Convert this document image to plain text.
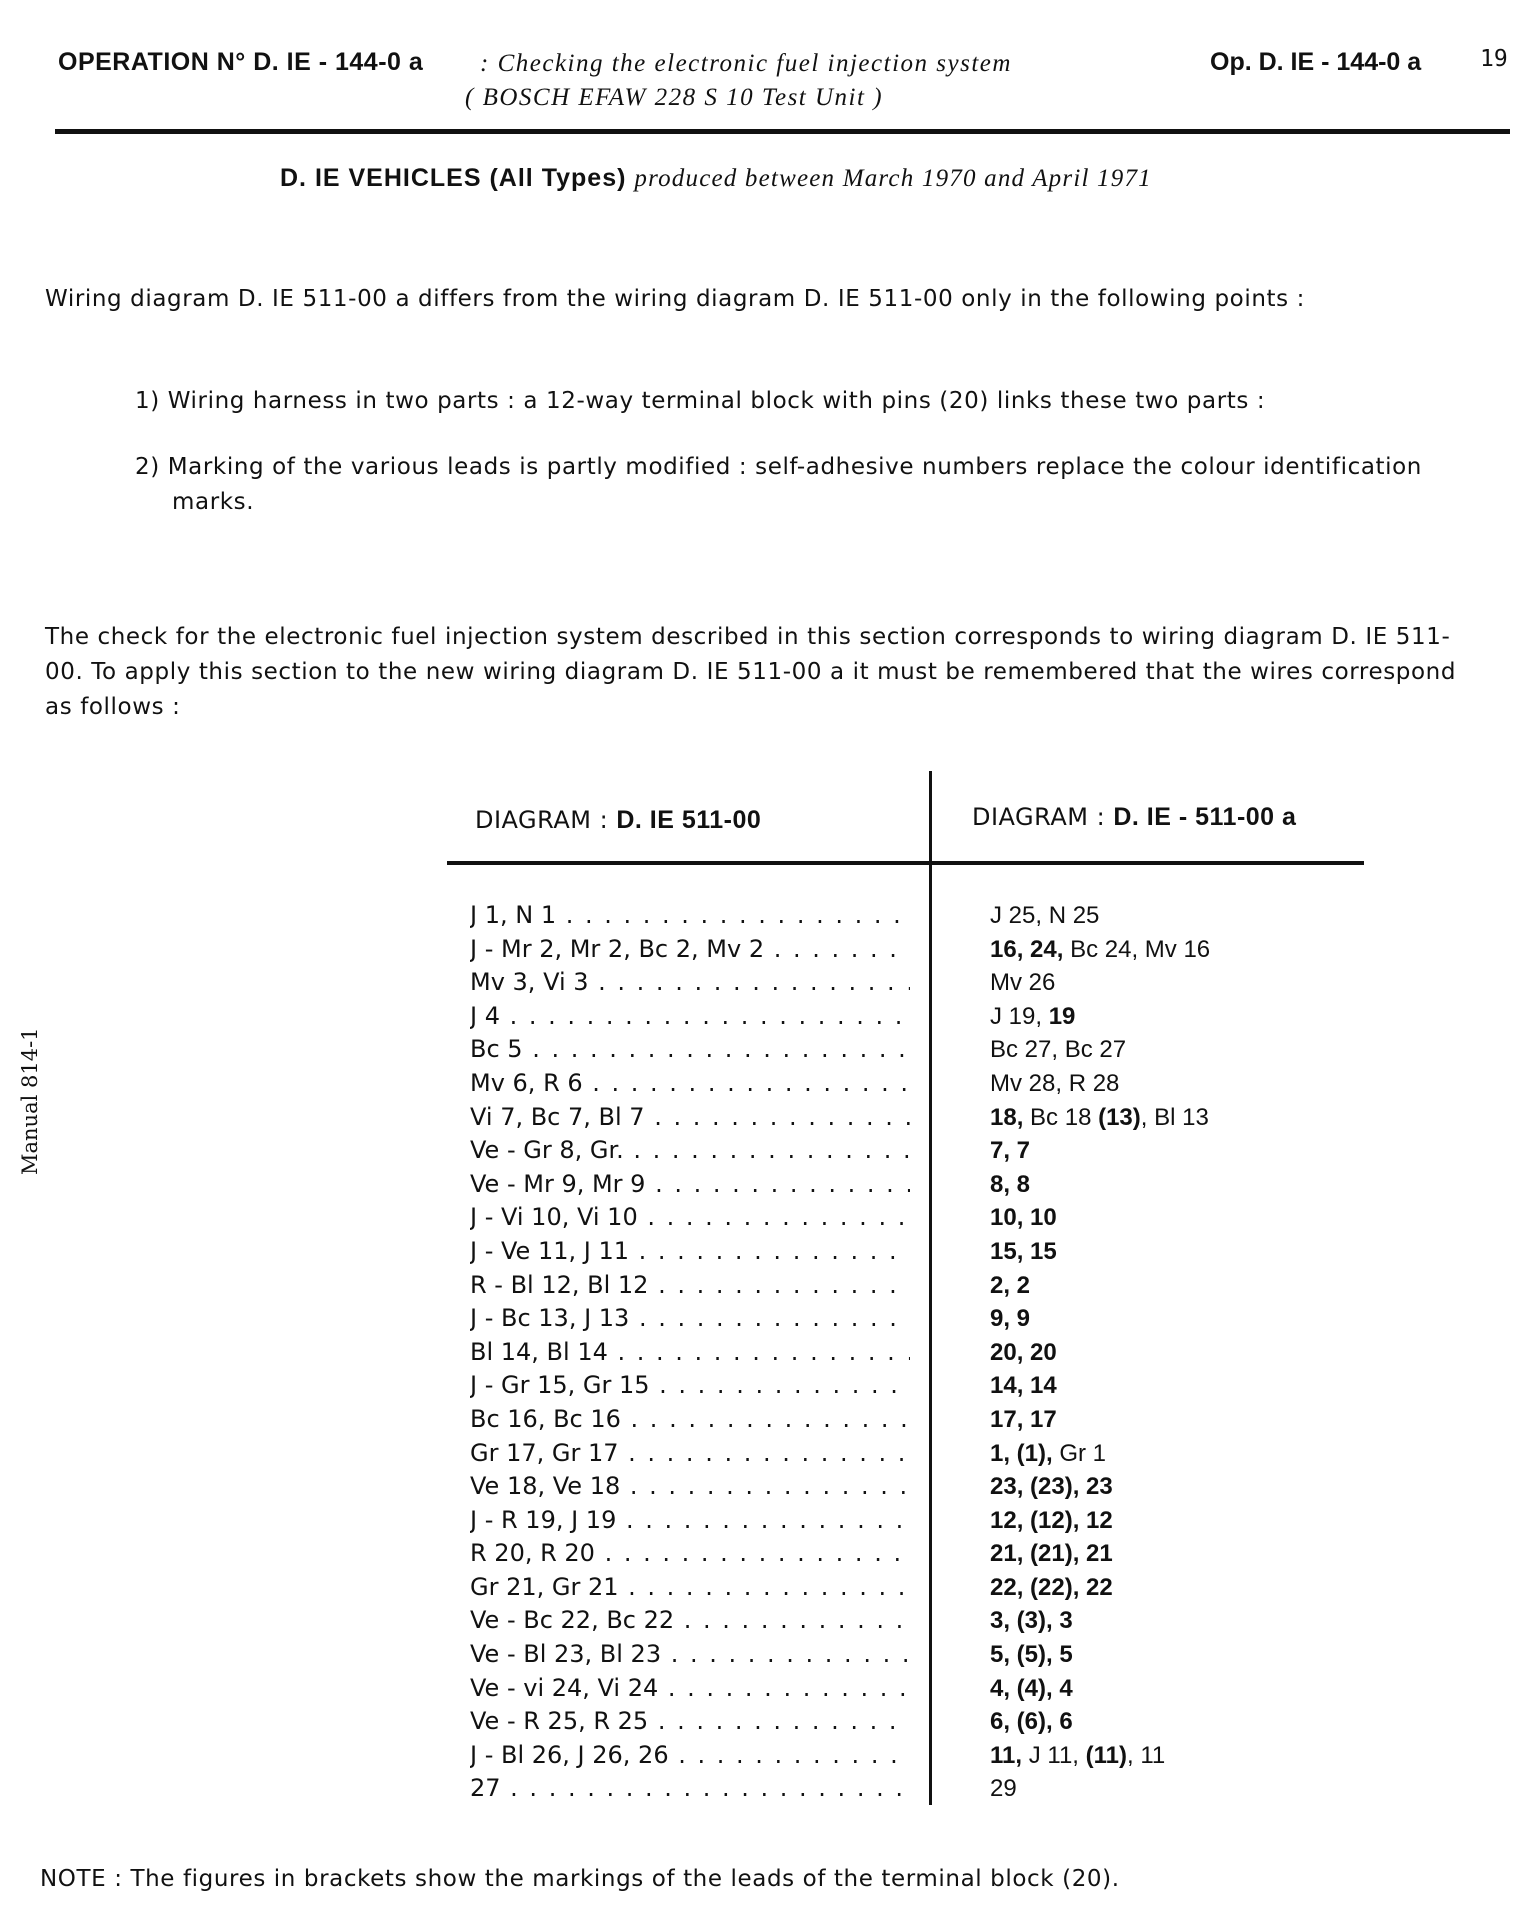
OPERATION N° D. IE - 144-0 a : Checking the electronic fuel injection system
( BOSCH EFAW 228 S 10 Test Unit )
Op. D. IE - 144-0 a	19
D. IE VEHICLES (All Types) produced between March 1970 and April 1971
Wiring diagram D. IE 511-00 a differs from the wiring diagram D. IE 511-00 only in the following points :
1) Wiring harness in two parts : a 12-way terminal block with pins (20) links these two parts :
2) Marking of the various leads is partly modified : self-adhesive numbers replace the colour identification
marks.
The check for the electronic fuel injection system described in this section corresponds to wiring diagram D. IE 511-00. To apply this section to the new wiring diagram D. IE 511-00 a it must be remembered that the wires correspond as follows :
DIAGRAM : D. IE 511-00	DIAGRAM : D. IE - 511-00 a
J 1, N 1 . . .
J - Mr 2, Mr 2, Bc 2, Mv 2 . . .
Mv 3, Vi 3 . . .
J 4 . . .
Bc 5 . . .
Mv 6, R 6 . . .
Vi 7, Bc 7, Bl 7 . . .
Ve - Gr 8, Gr. . . .
Ve - Mr 9, Mr 9 . . .
J - Vi 10, Vi 10 . . .
J - Ve 11, J 11 . . .
R - Bl 12, Bl 12 . . .
J - Bc 13, J 13 . . .
Bl 14, Bl 14 . . .
J - Gr 15, Gr 15 . . .
Bc 16, Bc 16 . . .
Gr 17, Gr 17 . . .
Ve 18, Ve 18 . . .
J - R 19, J 19 . . .
R 20, R 20 . . .
Gr 21, Gr 21 . . .
Ve - Bc 22, Bc 22 . . .
Ve - Bl 23, Bl 23 . . .
Ve - vi 24, Vi 24 . . .
Ve - R 25, R 25 . . .
J - Bl 26, J 26, 26 . . .
27 . . .
J 25, N 25
16, 24, Bc 24, Mv 16
Mv 26
J 19, 19
Bc 27, Bc 27
Mv 28, R 28
18, Bc 18 (13), Bl 13
7, 7
8, 8
10, 10
15, 15
2, 2
9, 9
20, 20
14, 14
17, 17
1, (1), Gr 1
23, (23), 23
12, (12), 12
21, (21), 21
22, (22), 22
3, (3), 3
5, (5), 5
4, (4), 4
6, (6), 6
11, J 11, (11), 11
29
Manual 814-1
NOTE : The figures in brackets show the markings of the leads of the terminal block (20).
